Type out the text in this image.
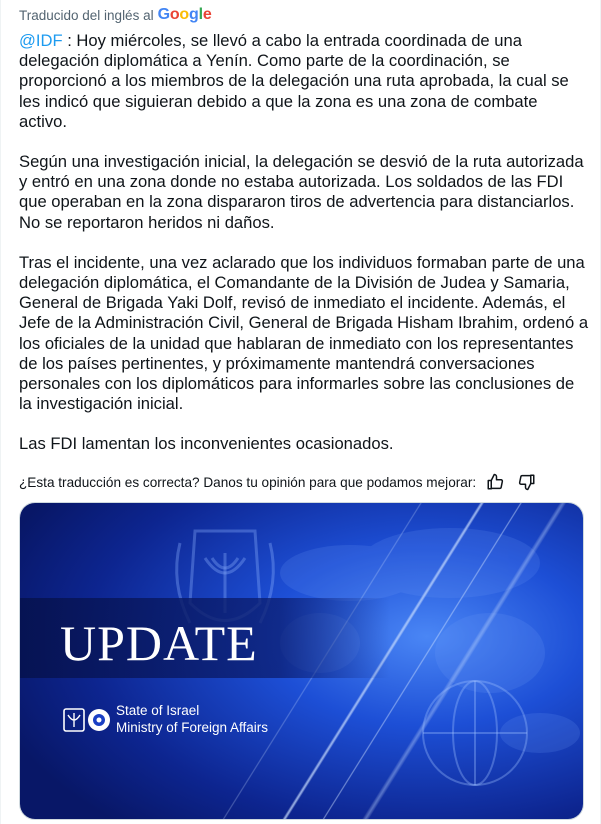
Traducido del inglés al Google

@IDF : Hoy miércoles, se llevó a cabo la entrada coordinada de una delegación diplomática a Yenín. Como parte de la coordinación, se proporcionó a los miembros de la delegación una ruta aprobada, la cual se les indicó que siguieran debido a que la zona es una zona de combate activo.

Según una investigación inicial, la delegación se desvió de la ruta autorizada y entró en una zona donde no estaba autorizada. Los soldados de las FDI que operaban en la zona dispararon tiros de advertencia para distanciarlos. No se reportaron heridos ni daños.

Tras el incidente, una vez aclarado que los individuos formaban parte de una delegación diplomática, el Comandante de la División de Judea y Samaria, General de Brigada Yaki Dolf, revisó de inmediato el incidente. Además, el Jefe de la Administración Civil, General de Brigada Hisham Ibrahim, ordenó a los oficiales de la unidad que hablaran de inmediato con los representantes de los países pertinentes, y próximamente mantendrá conversaciones personales con los diplomáticos para informarles sobre las conclusiones de la investigación inicial.

Las FDI lamentan los inconvenientes ocasionados.

¿Esta traducción es correcta? Danos tu opinión para que podamos mejorar:
UPDATE
State of Israel
Ministry of Foreign Affairs
